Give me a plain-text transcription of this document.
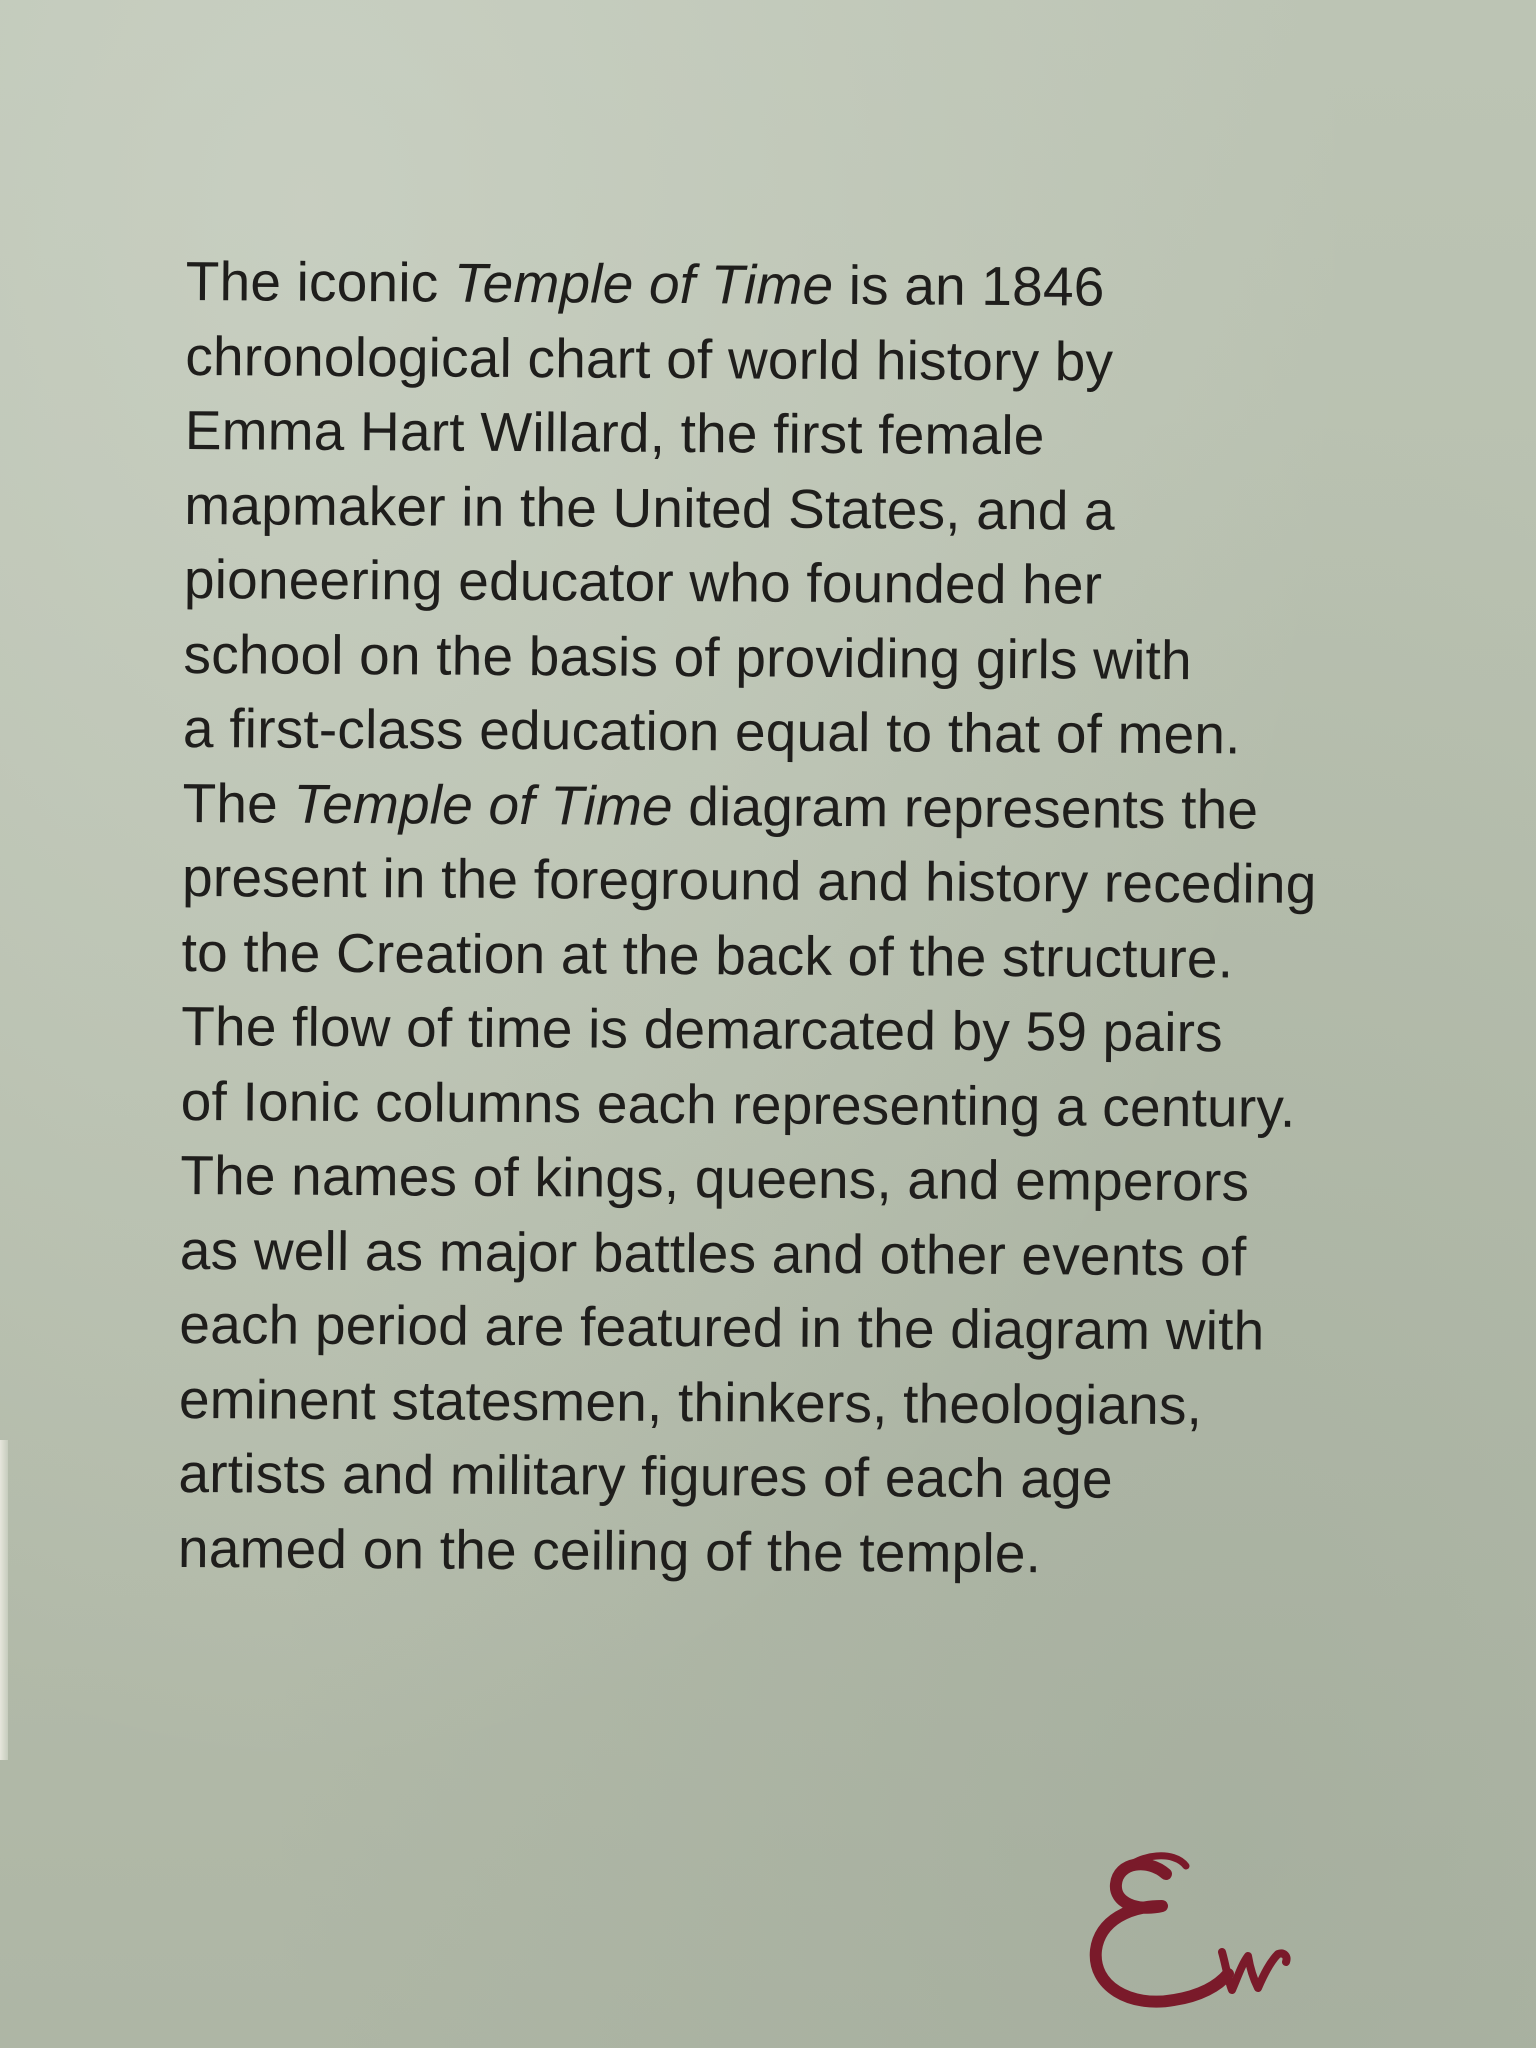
The iconic Temple of Time is an 1846
chronological chart of world history by
Emma Hart Willard, the first female
mapmaker in the United States, and a
pioneering educator who founded her
school on the basis of providing girls with
a first-class education equal to that of men.
The Temple of Time diagram represents the
present in the foreground and history receding
to the Creation at the back of the structure.
The flow of time is demarcated by 59 pairs
of Ionic columns each representing a century.
The names of kings, queens, and emperors
as well as major battles and other events of
each period are featured in the diagram with
eminent statesmen, thinkers, theologians,
artists and military figures of each age
named on the ceiling of the temple.
